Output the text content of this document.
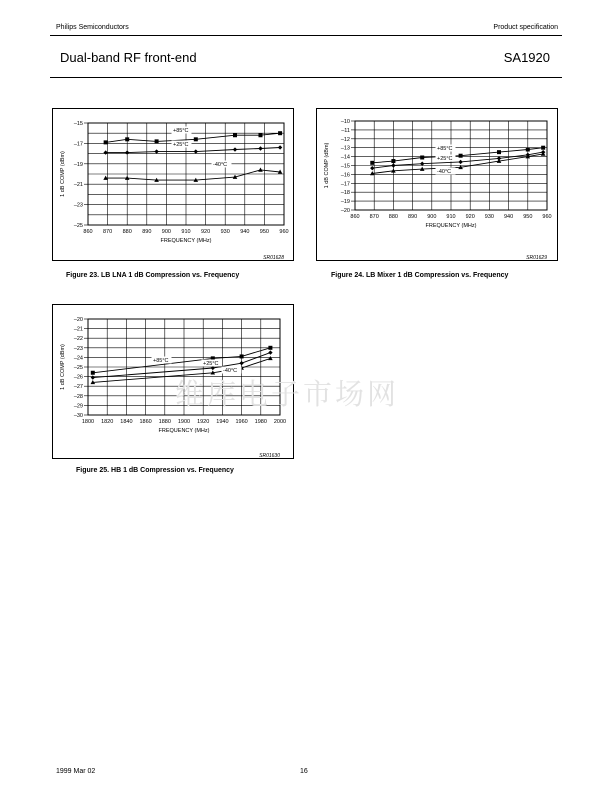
Philips Semiconductors	Product specification
Dual-band RF front-end	SA1920
–25
–23
–21
–19
–17
–15
860 870 880 890 900 910 920 930 940 950 960
FREQUENCY (MHz)
1 dB COMP (dBm)
SR01628
+85°C
+25°C
-40°C
Figure 23. LB LNA 1 dB Compression vs. Frequency
–20
–19
–18
–17
–16
–15
–14
–13
–12
–11
–10
860 870 880 890 900 910 920 930 940 950 960
FREQUENCY (MHz)
1 dB COMP (dBm)
SR01629
+85°C
+25°C
-40°C
Figure 24. LB Mixer 1 dB Compression vs. Frequency
–30
–29
–28
–27
–26
–25
–24
–23
–22
–21
–20
1800 1820 1840 1860 1880 1900 1920 1940 1960 1980 2000
FREQUENCY (MHz)
1 dB COMP (dBm)
SR01630
+85°C	+25°C
-40°C
Figure 25. HB 1 dB Compression vs. Frequency
维库电子市场网
1999 Mar 02	16
